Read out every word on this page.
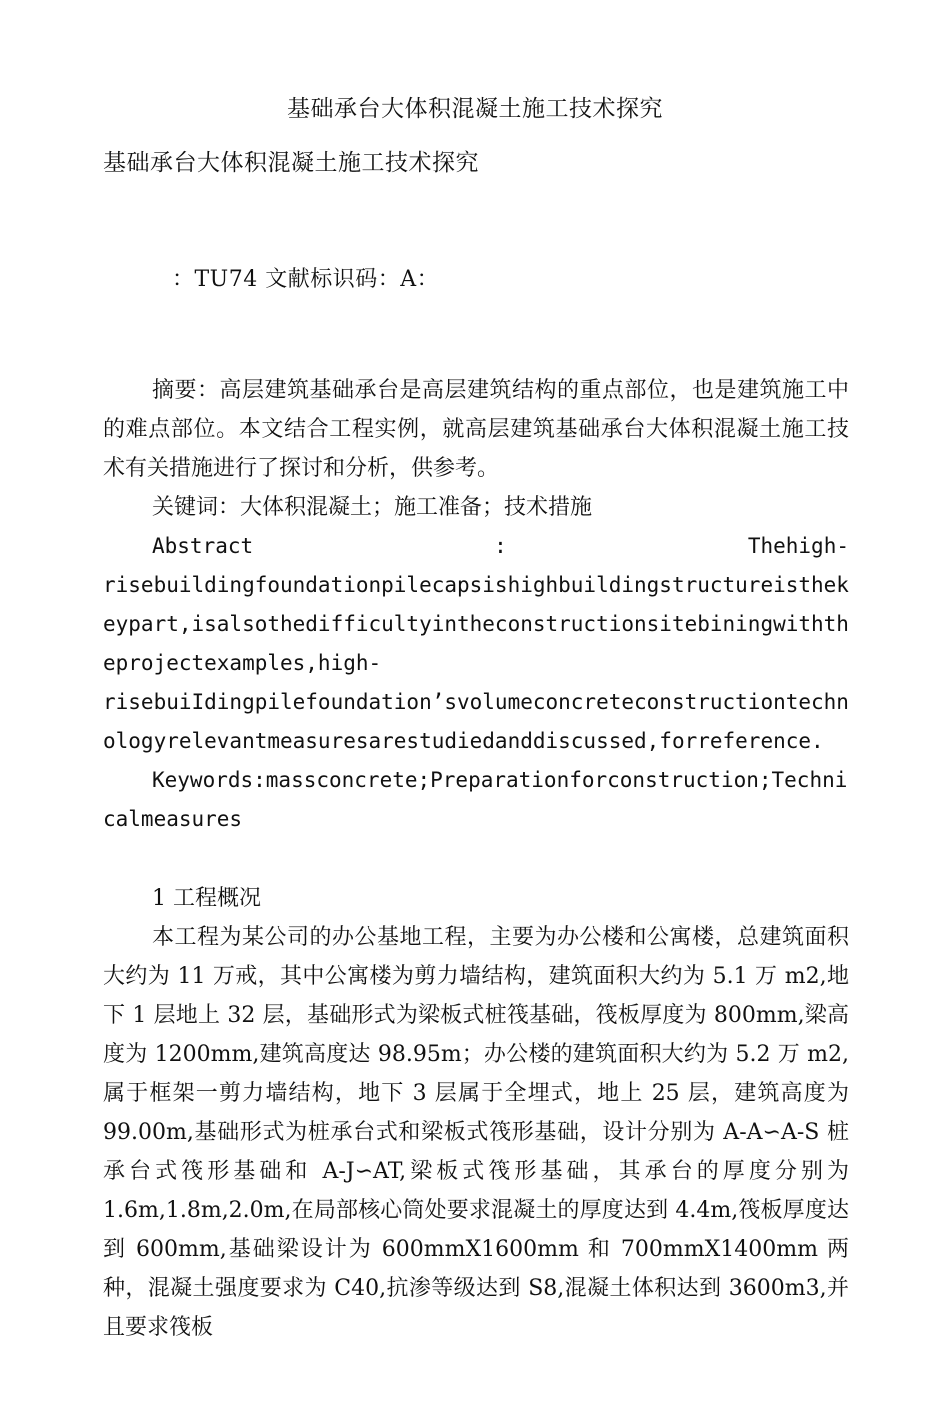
基础承台大体积混凝土施工技术探究
基础承台大体积混凝土施工技术探究
：TU74 文献标识码：A：

摘要：高层建筑基础承台是高层建筑结构的重点部位，也是建筑施工中的难点部位。本文结合工程实例，就高层建筑基础承台大体积混凝土施工技术有关措施进行了探讨和分析，供参考。

关键词：大体积混凝土；施工准备；技术措施

Abstract	:	Thehigh-

risebuildingfoundationpilecapsishighbuildingstructureisthekeypart,isalsothedifficultyintheconstructionsitebiningwiththeprojectexamples,high-

risebuiIdingpilefoundation’svolumeconcreteconstructiontechnologyrelevantmeasuresarestudiedanddiscussed,forreference.

Keywords:massconcrete;Preparationforconstruction;Technicalmeasures

1 工程概况

本工程为某公司的办公基地工程，主要为办公楼和公寓楼，总建筑面积大约为 11 万戒，其中公寓楼为剪力墙结构，建筑面积大约为 5.1 万 m2,地下 1 层地上 32 层，基础形式为梁板式桩筏基础，筏板厚度为 800mm,梁高度为 1200mm,建筑高度达 98.95m；办公楼的建筑面积大约为 5.2 万 m2,属于框架一剪力墙结构，地下 3 层属于全埋式，地上 25 层，建筑高度为 99.00m,基础形式为桩承台式和梁板式筏形基础，设计分别为 A-A∽A-S 桩承台式筏形基础和 A-J∽AT,梁板式筏形基础，其承台的厚度分别为 1.6m,1.8m,2.0m,在局部核心筒处要求混凝土的厚度达到 4.4m,筏板厚度达到 600mm,基础梁设计为 600mmX1600mm 和 700mmX1400mm 两种，混凝土强度要求为 C40,抗渗等级达到 S8,混凝土体积达到 3600m3,并且要求筏板
